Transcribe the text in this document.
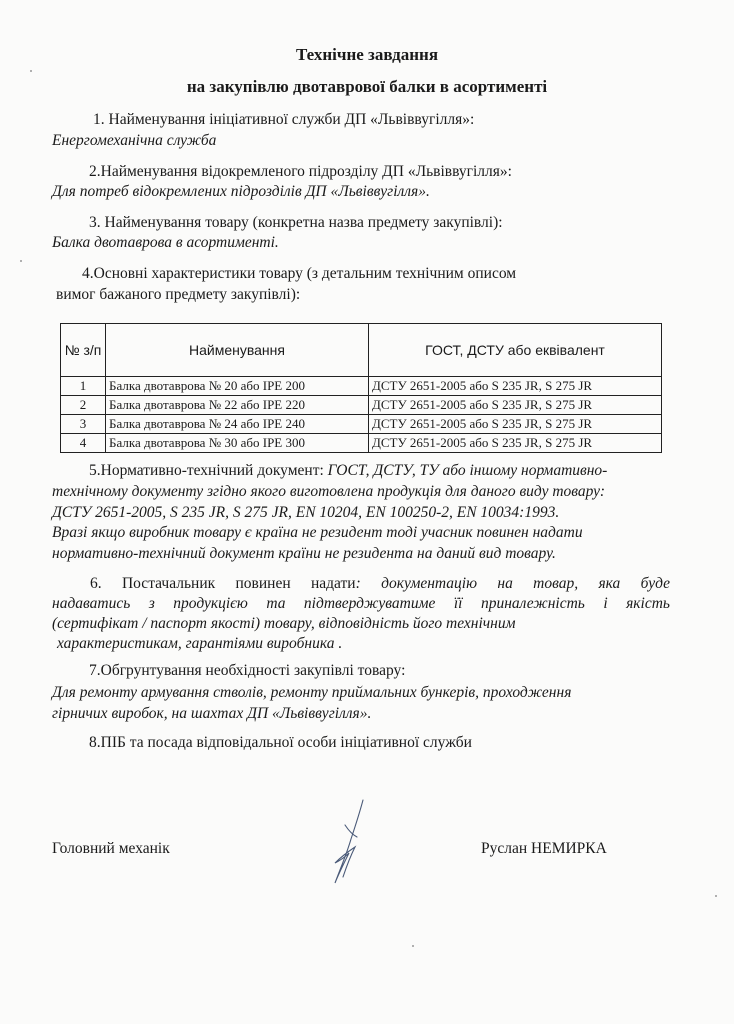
Технічне завдання
на закупівлю двотаврової балки в асортименті
1. Найменування ініціативної служби ДП «Львіввугілля»:
Енергомеханічна служба
2.Найменування відокремленого підрозділу ДП «Львіввугілля»:
Для потреб відокремлених підрозділів ДП «Львіввугілля».
3. Найменування товару (конкретна назва предмету закупівлі):
Балка двотаврова в асортименті.
4.Основні характеристики товару (з детальним технічним описом
вимог бажаного предмету закупівлі):
№ з/п	Найменування	ГОСТ, ДСТУ або еквівалент
1	Балка двотаврова № 20 або IPE 200	ДСТУ 2651-2005 або S 235 JR, S 275 JR
2	Балка двотаврова № 22 або IPE 220	ДСТУ 2651-2005 або S 235 JR, S 275 JR
3	Балка двотаврова № 24 або IPE 240	ДСТУ 2651-2005 або S 235 JR, S 275 JR
4	Балка двотаврова № 30 або IPE 300	ДСТУ 2651-2005 або S 235 JR, S 275 JR
5.Нормативно-технічний документ: ГОСТ, ДСТУ, ТУ або іншому нормативно-
технічному документу згідно якого виготовлена продукція для даного виду товару:
ДСТУ 2651-2005, S 235 JR, S 275 JR, EN 10204, EN 100250-2, EN 10034:1993.
Вразі якщо виробник товару є країна не резидент тоді учасник повинен надати
нормативно-технічний документ країни не резидента на даний вид товару.
6. Постачальник повинен надати: документацію на товар, яка буде
надаватись з продукцією та підтверджуватиме її приналежність і якість
(сертифікат / паспорт якості) товару, відповідність його технічним
характеристикам, гарантіями виробника .
7.Обгрунтування необхідності закупівлі товару:
Для ремонту армування стволів, ремонту приймальних бункерів, проходження
гірничих виробок, на шахтах ДП «Львіввугілля».
8.ПІБ та посада відповідальної особи ініціативної служби
Головний механік	Руслан НЕМИРКА
